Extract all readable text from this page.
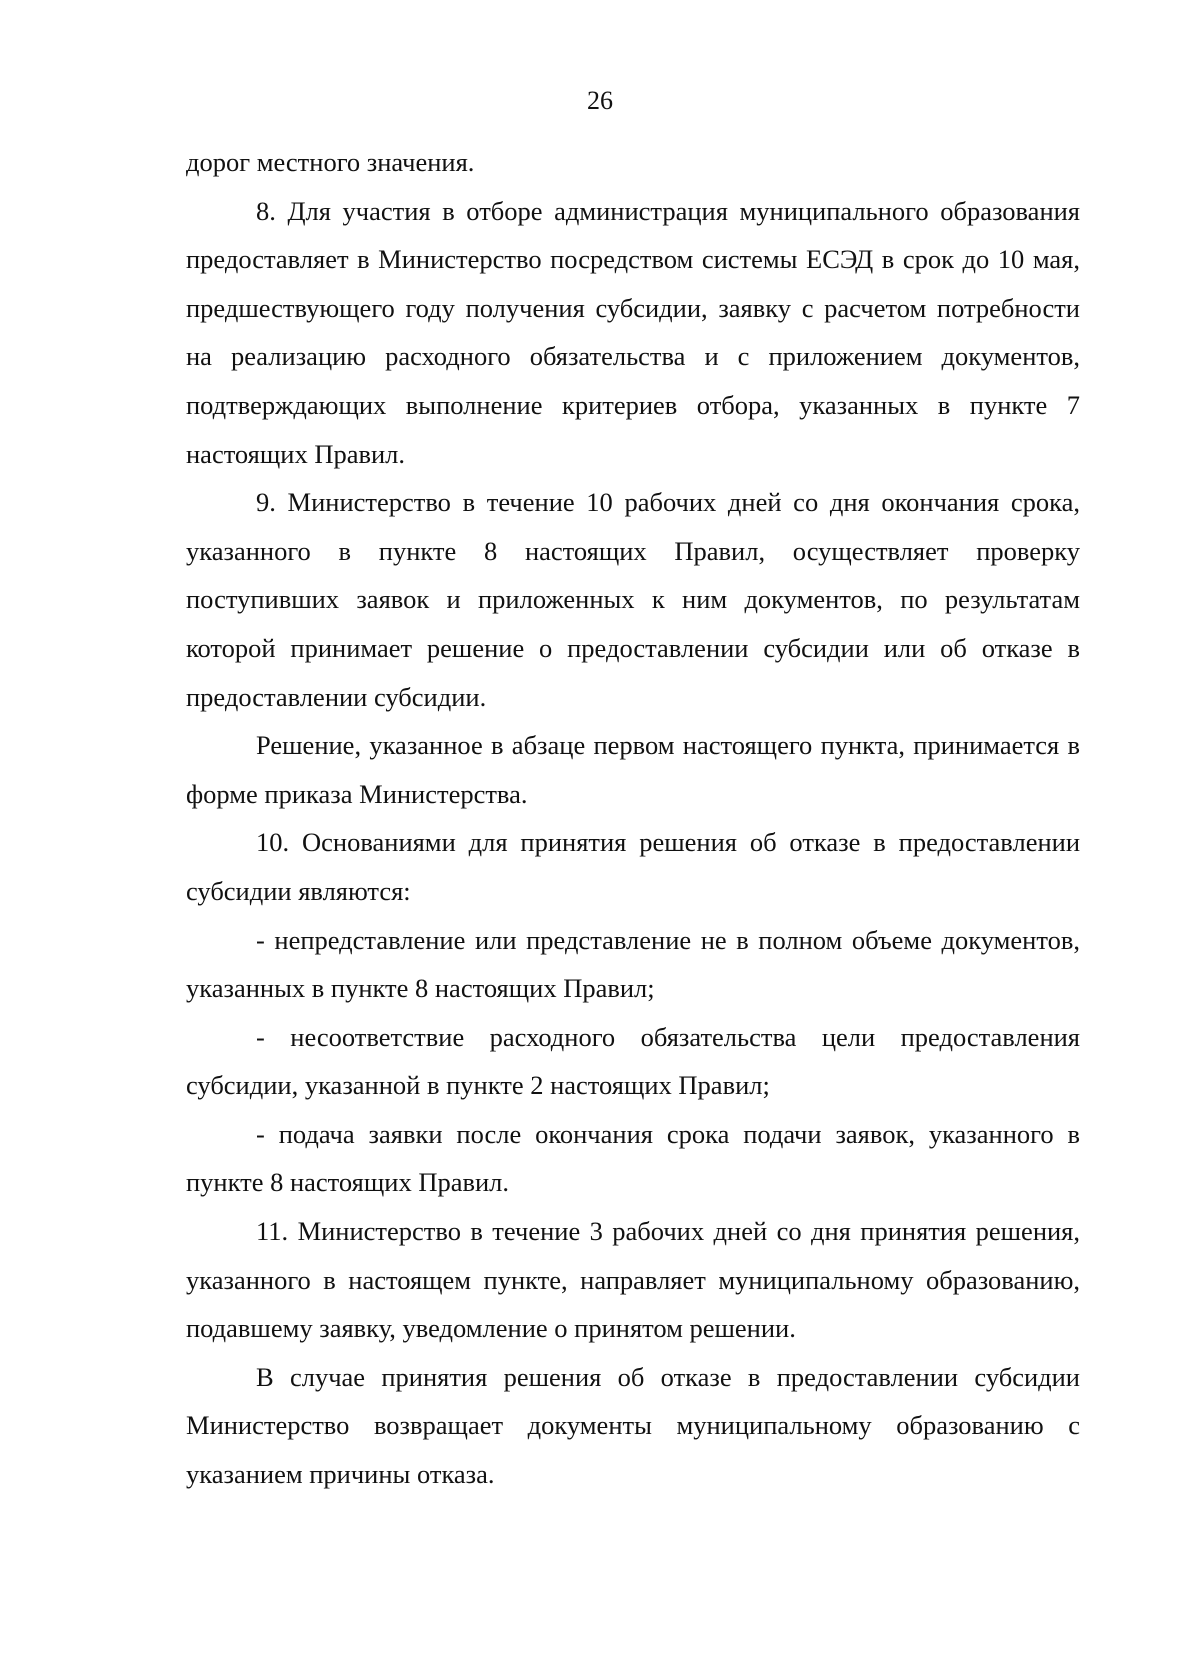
26

дорог местного значения.

8. Для участия в отборе администрация муниципального образования предоставляет в Министерство посредством системы ЕСЭД в срок до 10 мая, предшествующего году получения субсидии, заявку с расчетом потребности на реализацию расходного обязательства и с приложением документов, подтверждающих выполнение критериев отбора, указанных в пункте 7 настоящих Правил.

9. Министерство в течение 10 рабочих дней со дня окончания срока, указанного в пункте 8 настоящих Правил, осуществляет проверку поступивших заявок и приложенных к ним документов, по результатам которой принимает решение о предоставлении субсидии или об отказе в предоставлении субсидии.

Решение, указанное в абзаце первом настоящего пункта, принимается в форме приказа Министерства.

10. Основаниями для принятия решения об отказе в предоставлении субсидии являются:

- непредставление или представление не в полном объеме документов, указанных в пункте 8 настоящих Правил;

- несоответствие расходного обязательства цели предоставления субсидии, указанной в пункте 2 настоящих Правил;

- подача заявки после окончания срока подачи заявок, указанного в пункте 8 настоящих Правил.

11. Министерство в течение 3 рабочих дней со дня принятия решения, указанного в настоящем пункте, направляет муниципальному образованию, подавшему заявку, уведомление о принятом решении.

В случае принятия решения об отказе в предоставлении субсидии Министерство возвращает документы муниципальному образованию с указанием причины отказа.
